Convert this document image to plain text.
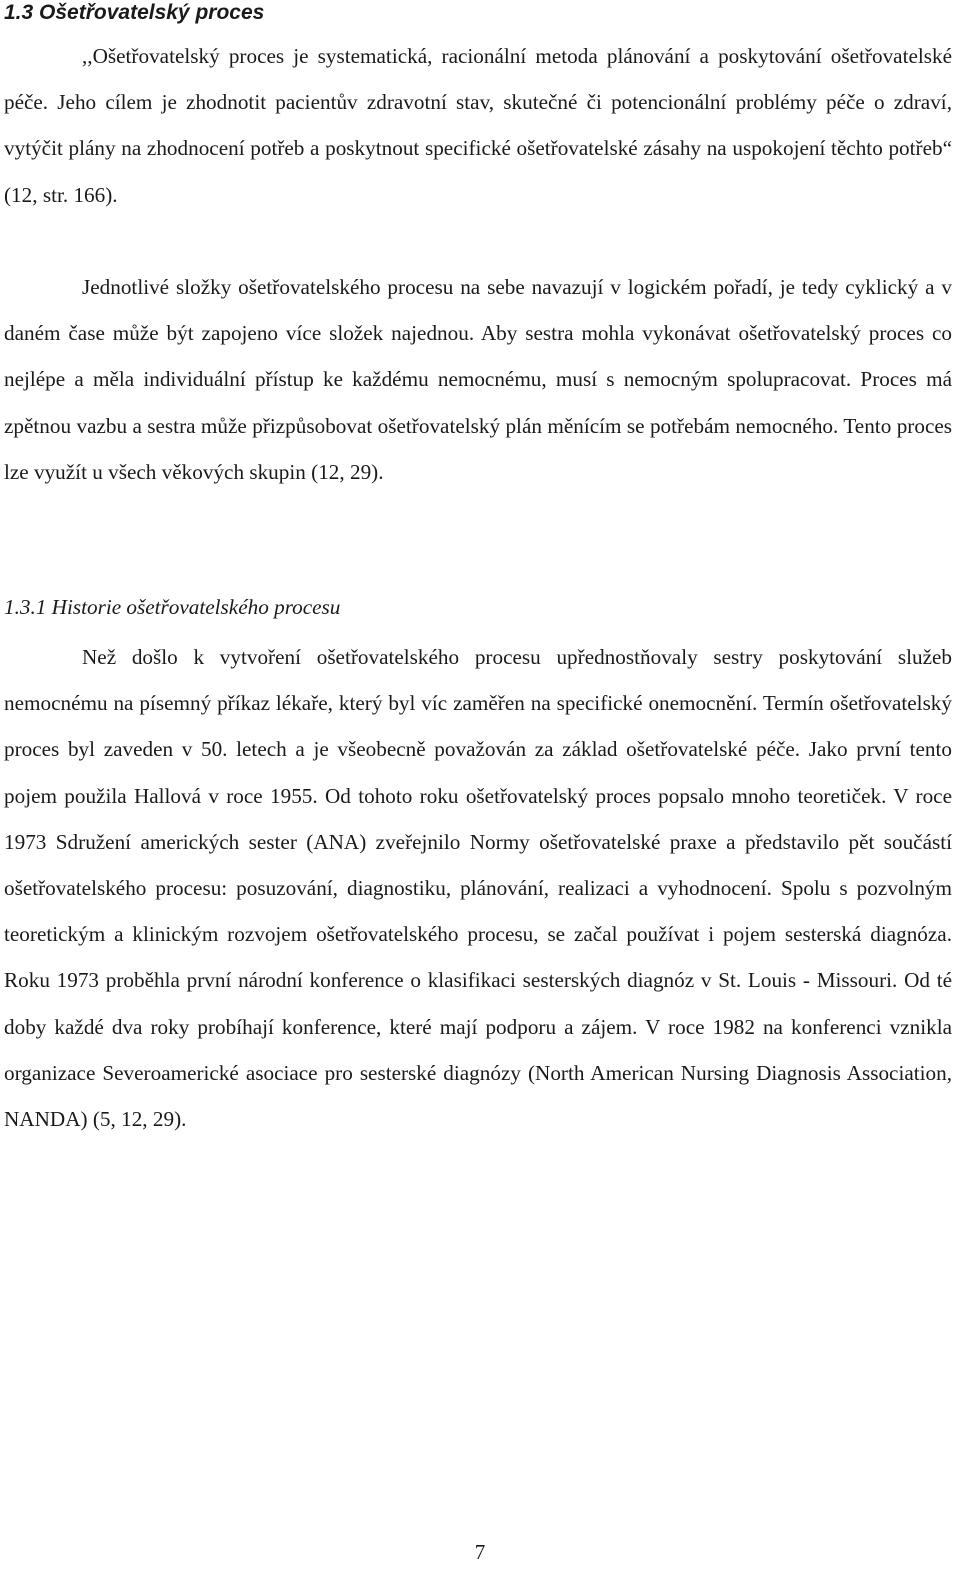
1.3 Ošetřovatelský proces

,,Ošetřovatelský proces je systematická, racionální metoda plánování a poskytování ošetřovatelské péče. Jeho cílem je zhodnotit pacientův zdravotní stav, skutečné či potencionální problémy péče o zdraví, vytýčit plány na zhodnocení potřeb a poskytnout specifické ošetřovatelské zásahy na uspokojení těchto potřeb“ (12, str. 166).

Jednotlivé složky ošetřovatelského procesu na sebe navazují v logickém pořadí, je tedy cyklický a v daném čase může být zapojeno více složek najednou. Aby sestra mohla vykonávat ošetřovatelský proces co nejlépe a měla individuální přístup ke každému nemocnému, musí s nemocným spolupracovat. Proces má zpětnou vazbu a sestra může přizpůsobovat ošetřovatelský plán měnícím se potřebám nemocného. Tento proces lze využít u všech věkových skupin (12, 29).

1.3.1 Historie ošetřovatelského procesu

Než došlo k vytvoření ošetřovatelského procesu upřednostňovaly sestry poskytování služeb nemocnému na písemný příkaz lékaře, který byl víc zaměřen na specifické onemocnění. Termín ošetřovatelský proces byl zaveden v 50. letech a je všeobecně považován za základ ošetřovatelské péče. Jako první tento pojem použila Hallová v roce 1955. Od tohoto roku ošetřovatelský proces popsalo mnoho teoretiček. V roce 1973 Sdružení amerických sester (ANA) zveřejnilo Normy ošetřovatelské praxe a představilo pět součástí ošetřovatelského procesu: posuzování, diagnostiku, plánování, realizaci a vyhodnocení. Spolu s pozvolným teoretickým a klinickým rozvojem ošetřovatelského procesu, se začal používat i pojem sesterská diagnóza. Roku 1973 proběhla první národní konference o klasifikaci sesterských diagnóz v St. Louis - Missouri. Od té doby každé dva roky probíhají konference, které mají podporu a zájem. V roce 1982 na konferenci vznikla organizace Severoamerické asociace pro sesterské diagnózy (North American Nursing Diagnosis Association, NANDA) (5, 12, 29).

7
